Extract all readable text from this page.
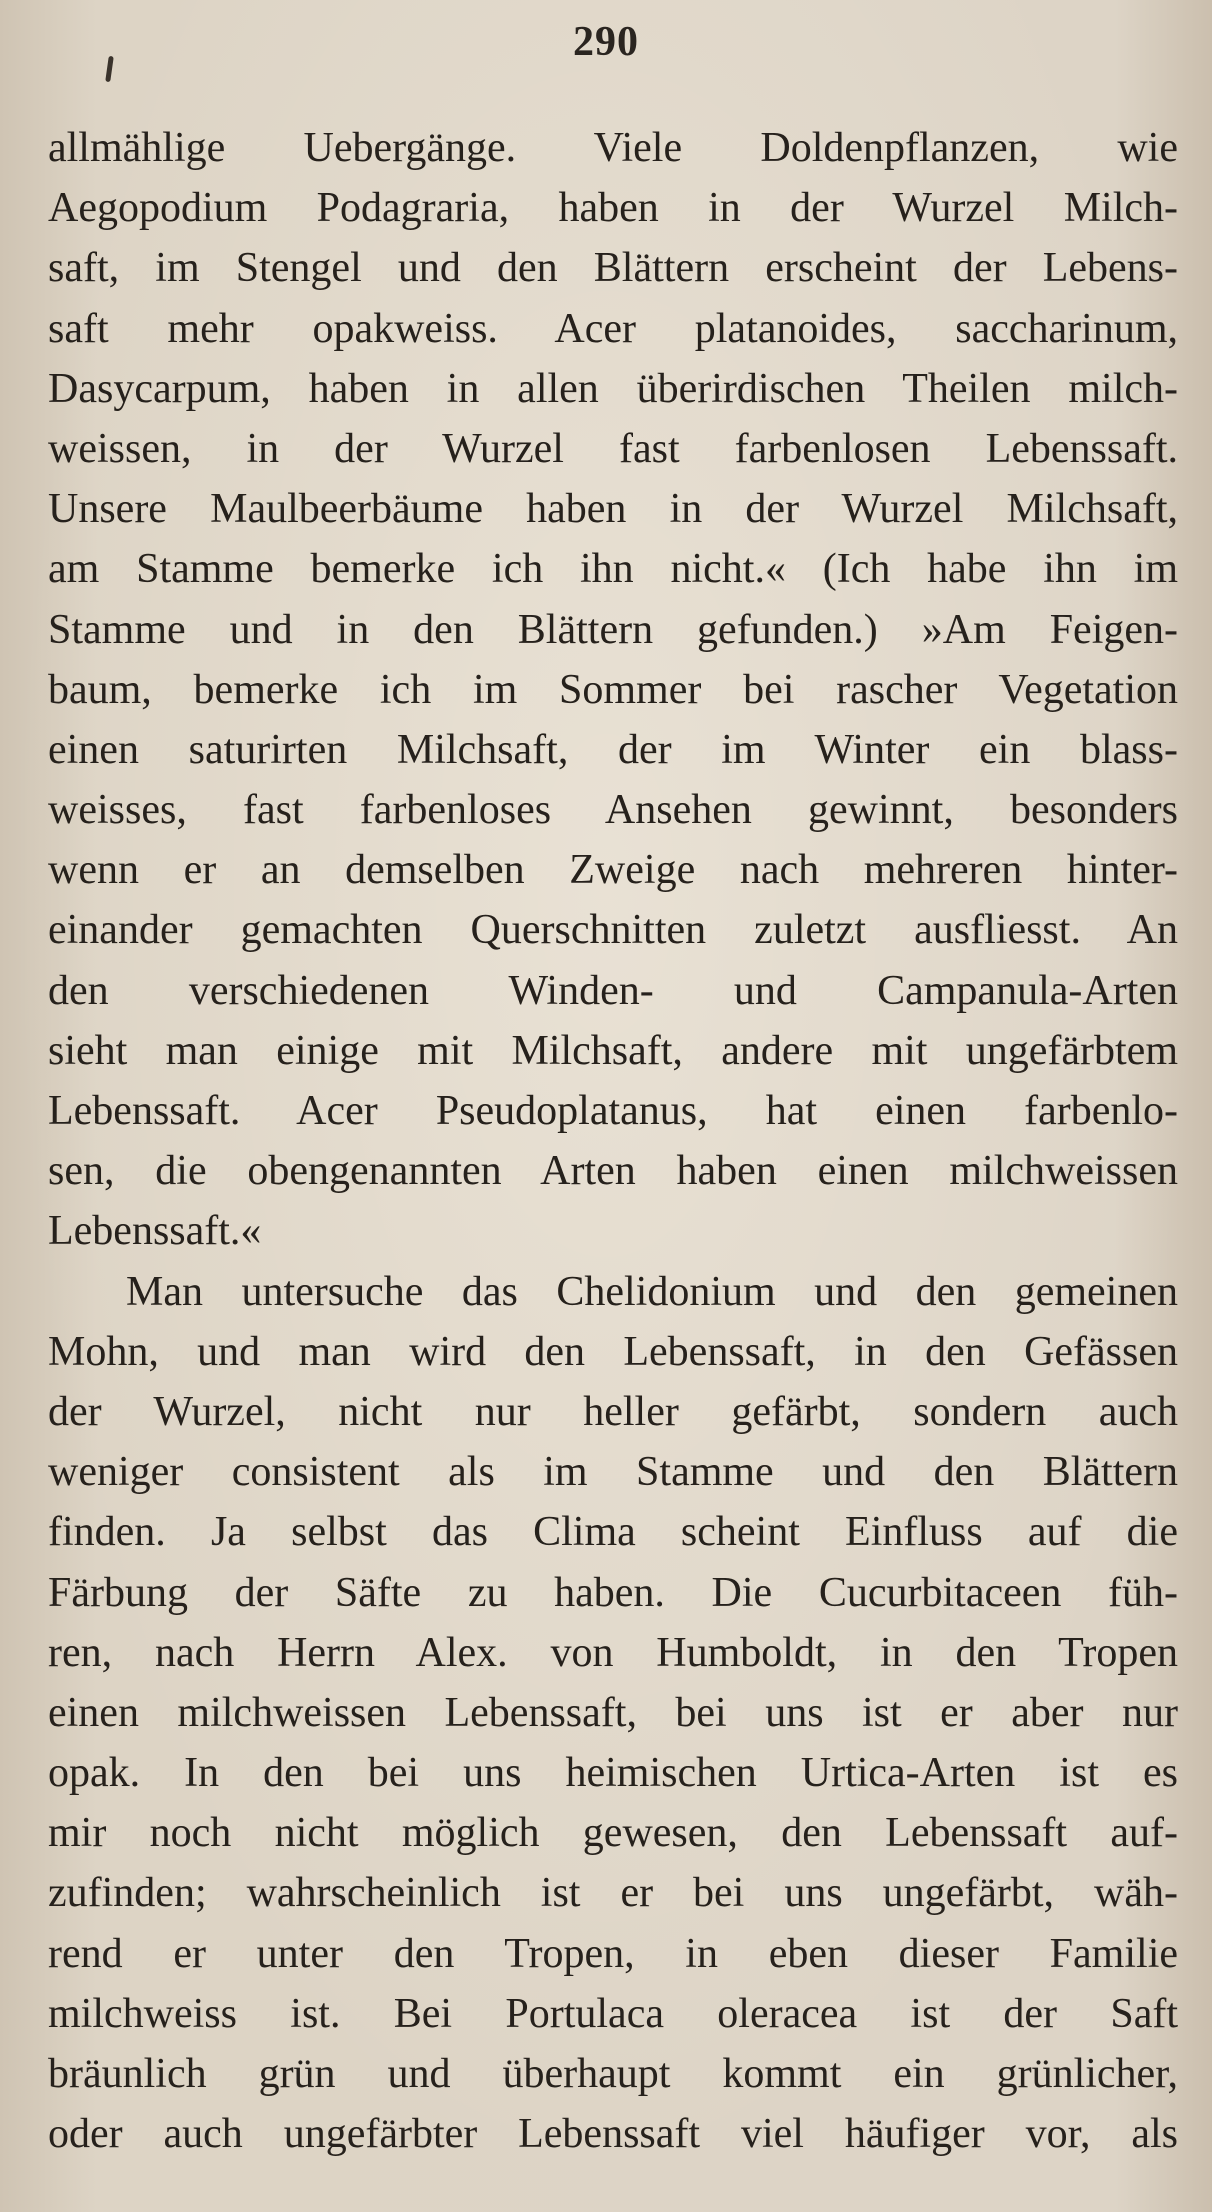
290

allmählige Uebergänge. Viele Doldenpflanzen, wie
Aegopodium Podagraria, haben in der Wurzel Milch-
saft, im Stengel und den Blättern erscheint der Lebens-
saft mehr opakweiss. Acer platanoides, saccharinum,
Dasycarpum, haben in allen überirdischen Theilen milch-
weissen, in der Wurzel fast farbenlosen Lebenssaft.
Unsere Maulbeerbäume haben in der Wurzel Milchsaft,
am Stamme bemerke ich ihn nicht.« (Ich habe ihn im
Stamme und in den Blättern gefunden.) »Am Feigen-
baum, bemerke ich im Sommer bei rascher Vegetation
einen saturirten Milchsaft, der im Winter ein blass-
weisses, fast farbenloses Ansehen gewinnt, besonders
wenn er an demselben Zweige nach mehreren hinter-
einander gemachten Querschnitten zuletzt ausfliesst. An
den verschiedenen Winden- und Campanula-Arten
sieht man einige mit Milchsaft, andere mit ungefärbtem
Lebenssaft. Acer Pseudoplatanus, hat einen farbenlo-
sen, die obengenannten Arten haben einen milchweissen
Lebenssaft.«
Man untersuche das Chelidonium und den gemeinen
Mohn, und man wird den Lebenssaft, in den Gefässen
der Wurzel, nicht nur heller gefärbt, sondern auch
weniger consistent als im Stamme und den Blättern
finden. Ja selbst das Clima scheint Einfluss auf die
Färbung der Säfte zu haben. Die Cucurbitaceen füh-
ren, nach Herrn Alex. von Humboldt, in den Tropen
einen milchweissen Lebenssaft, bei uns ist er aber nur
opak. In den bei uns heimischen Urtica-Arten ist es
mir noch nicht möglich gewesen, den Lebenssaft auf-
zufinden; wahrscheinlich ist er bei uns ungefärbt, wäh-
rend er unter den Tropen, in eben dieser Familie
milchweiss ist. Bei Portulaca oleracea ist der Saft
bräunlich grün und überhaupt kommt ein grünlicher,
oder auch ungefärbter Lebenssaft viel häufiger vor, als
